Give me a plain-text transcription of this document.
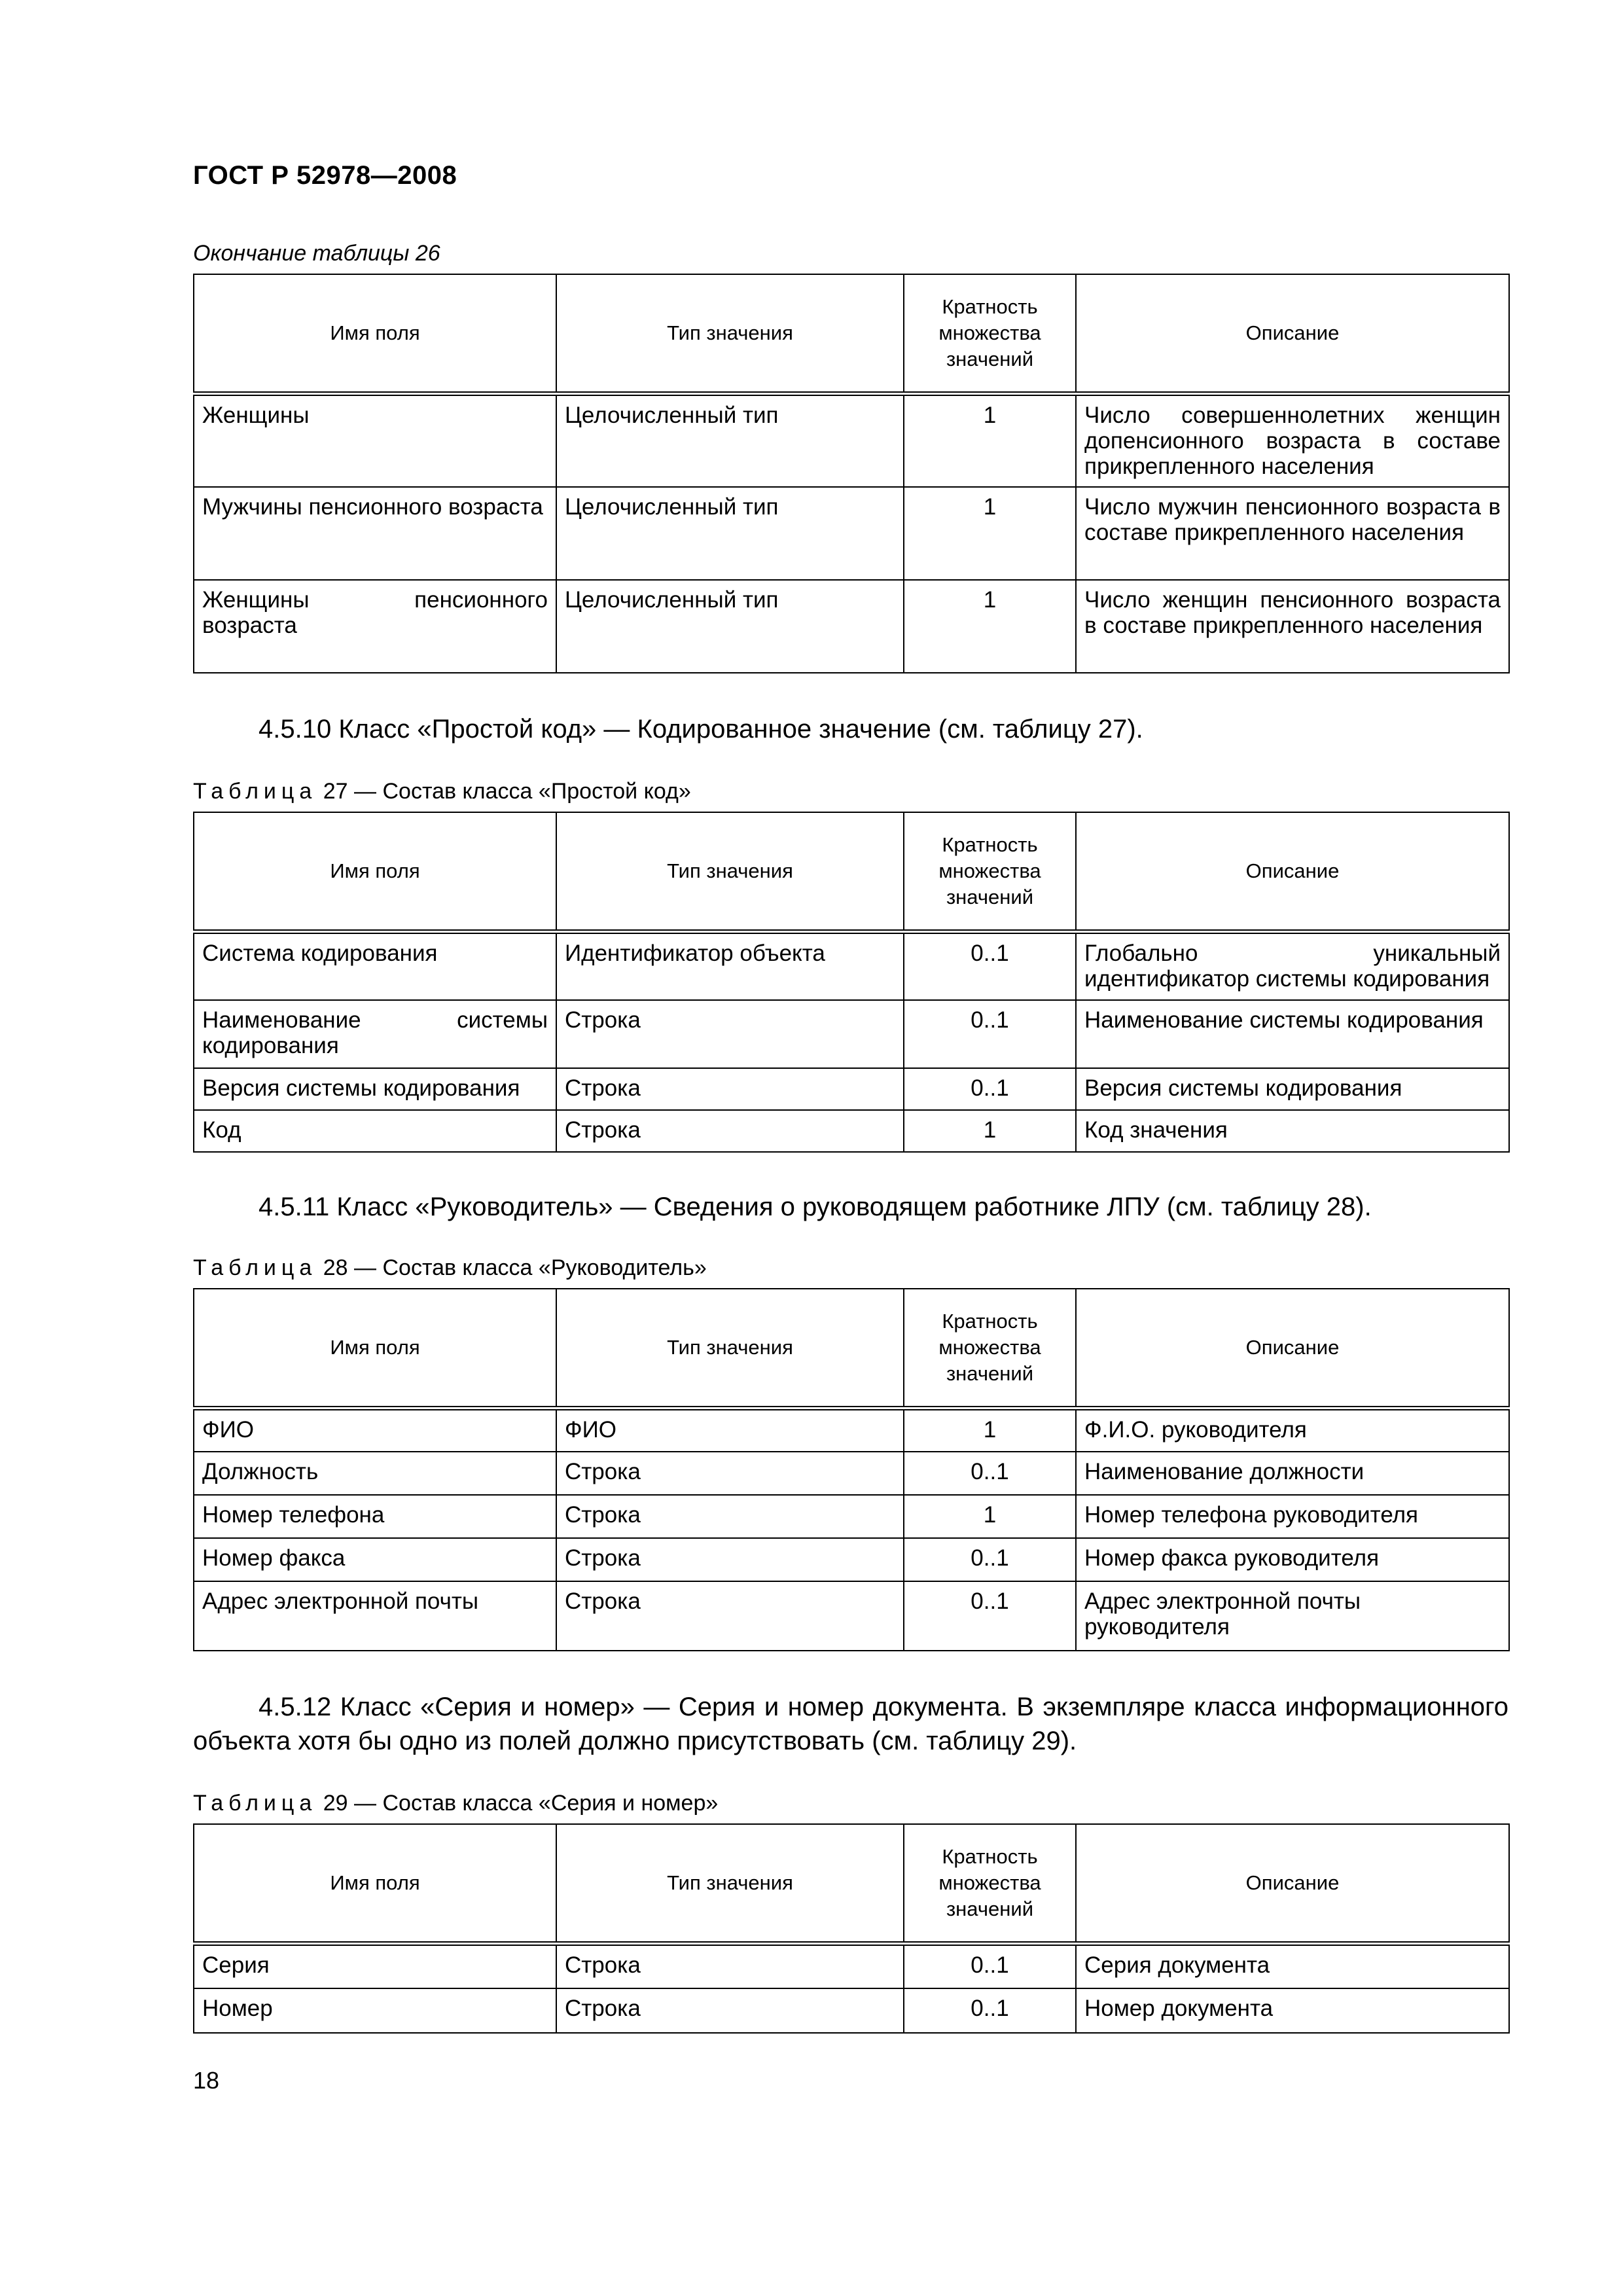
ГОСТ Р 52978—2008
Окончание таблицы 26
Имя поля	Тип значения	Кратность множества значений	Описание
Женщины	Целочисленный тип	1	Число совершеннолетних женщин допенсионного возраста в составе прикрепленного населения
Мужчины пенсионного возраста	Целочисленный тип	1	Число мужчин пенсионного возраста в составе прикрепленного населения
Женщины пенсионного возраста	Целочисленный тип	1	Число женщин пенсионного возраста в составе прикрепленного населения
4.5.10 Класс «Простой код» — Кодированное значение (см. таблицу 27).
Таблица 27 — Состав класса «Простой код»
Имя поля	Тип значения	Кратность множества значений	Описание
Система кодирования	Идентификатор объекта	0..1	Глобально уникальный идентификатор системы кодирования
Наименование системы кодирования	Строка	0..1	Наименование системы кодирования
Версия системы кодирования	Строка	0..1	Версия системы кодирования
Код	Строка	1	Код значения
4.5.11 Класс «Руководитель» — Сведения о руководящем работнике ЛПУ (см. таблицу 28).
Таблица 28 — Состав класса «Руководитель»
Имя поля	Тип значения	Кратность множества значений	Описание
ФИО	ФИО	1	Ф.И.О. руководителя
Должность	Строка	0..1	Наименование должности
Номер телефона	Строка	1	Номер телефона руководителя
Номер факса	Строка	0..1	Номер факса руководителя
Адрес электронной почты	Строка	0..1	Адрес электронной почты руководителя
4.5.12 Класс «Серия и номер» — Серия и номер документа. В экземпляре класса информационного объекта хотя бы одно из полей должно присутствовать (см. таблицу 29).
Таблица 29 — Состав класса «Серия и номер»
Имя поля	Тип значения	Кратность множества значений	Описание
Серия	Строка	0..1	Серия документа
Номер	Строка	0..1	Номер документа
18
